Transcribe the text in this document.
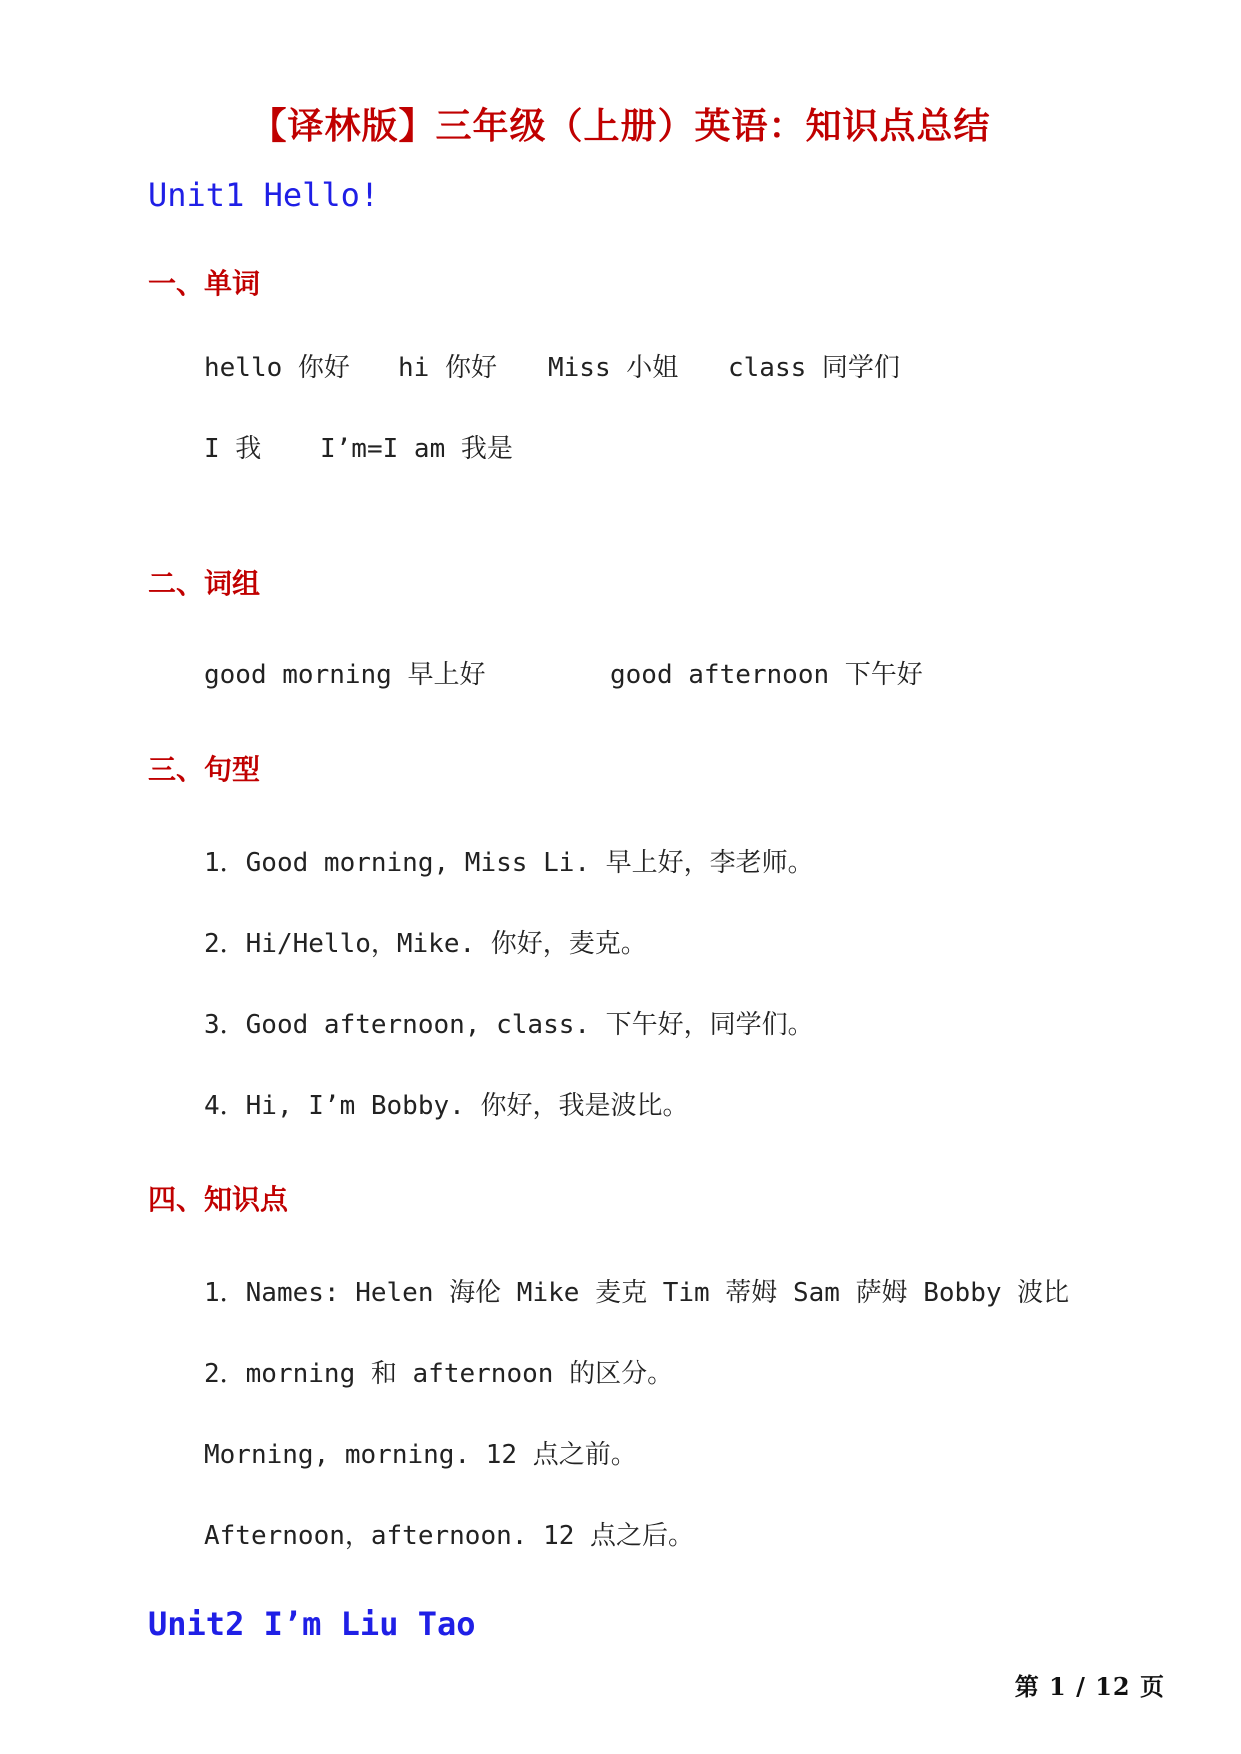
【译林版】三年级（上册）英语：知识点总结
Unit1 Hello!
一、单词
hello 你好 hi 你好 Miss 小姐 class 同学们
I 我 I’m=I am 我是
二、词组
good morning 早上好	good afternoon 下午好
三、句型
1．Good morning, Miss Li. 早上好，李老师。
2．Hi/Hello，Mike. 你好，麦克。
3．Good afternoon, class. 下午好，同学们。
4．Hi, I’m Bobby. 你好，我是波比。
四、知识点
1．Names: Helen 海伦 Mike 麦克 Tim 蒂姆 Sam 萨姆 Bobby 波比
2．morning 和 afternoon 的区分。
Morning, morning. 12 点之前。
Afternoon，afternoon. 12 点之后。
Unit2 I’m Liu Tao
第 1 / 12 页
